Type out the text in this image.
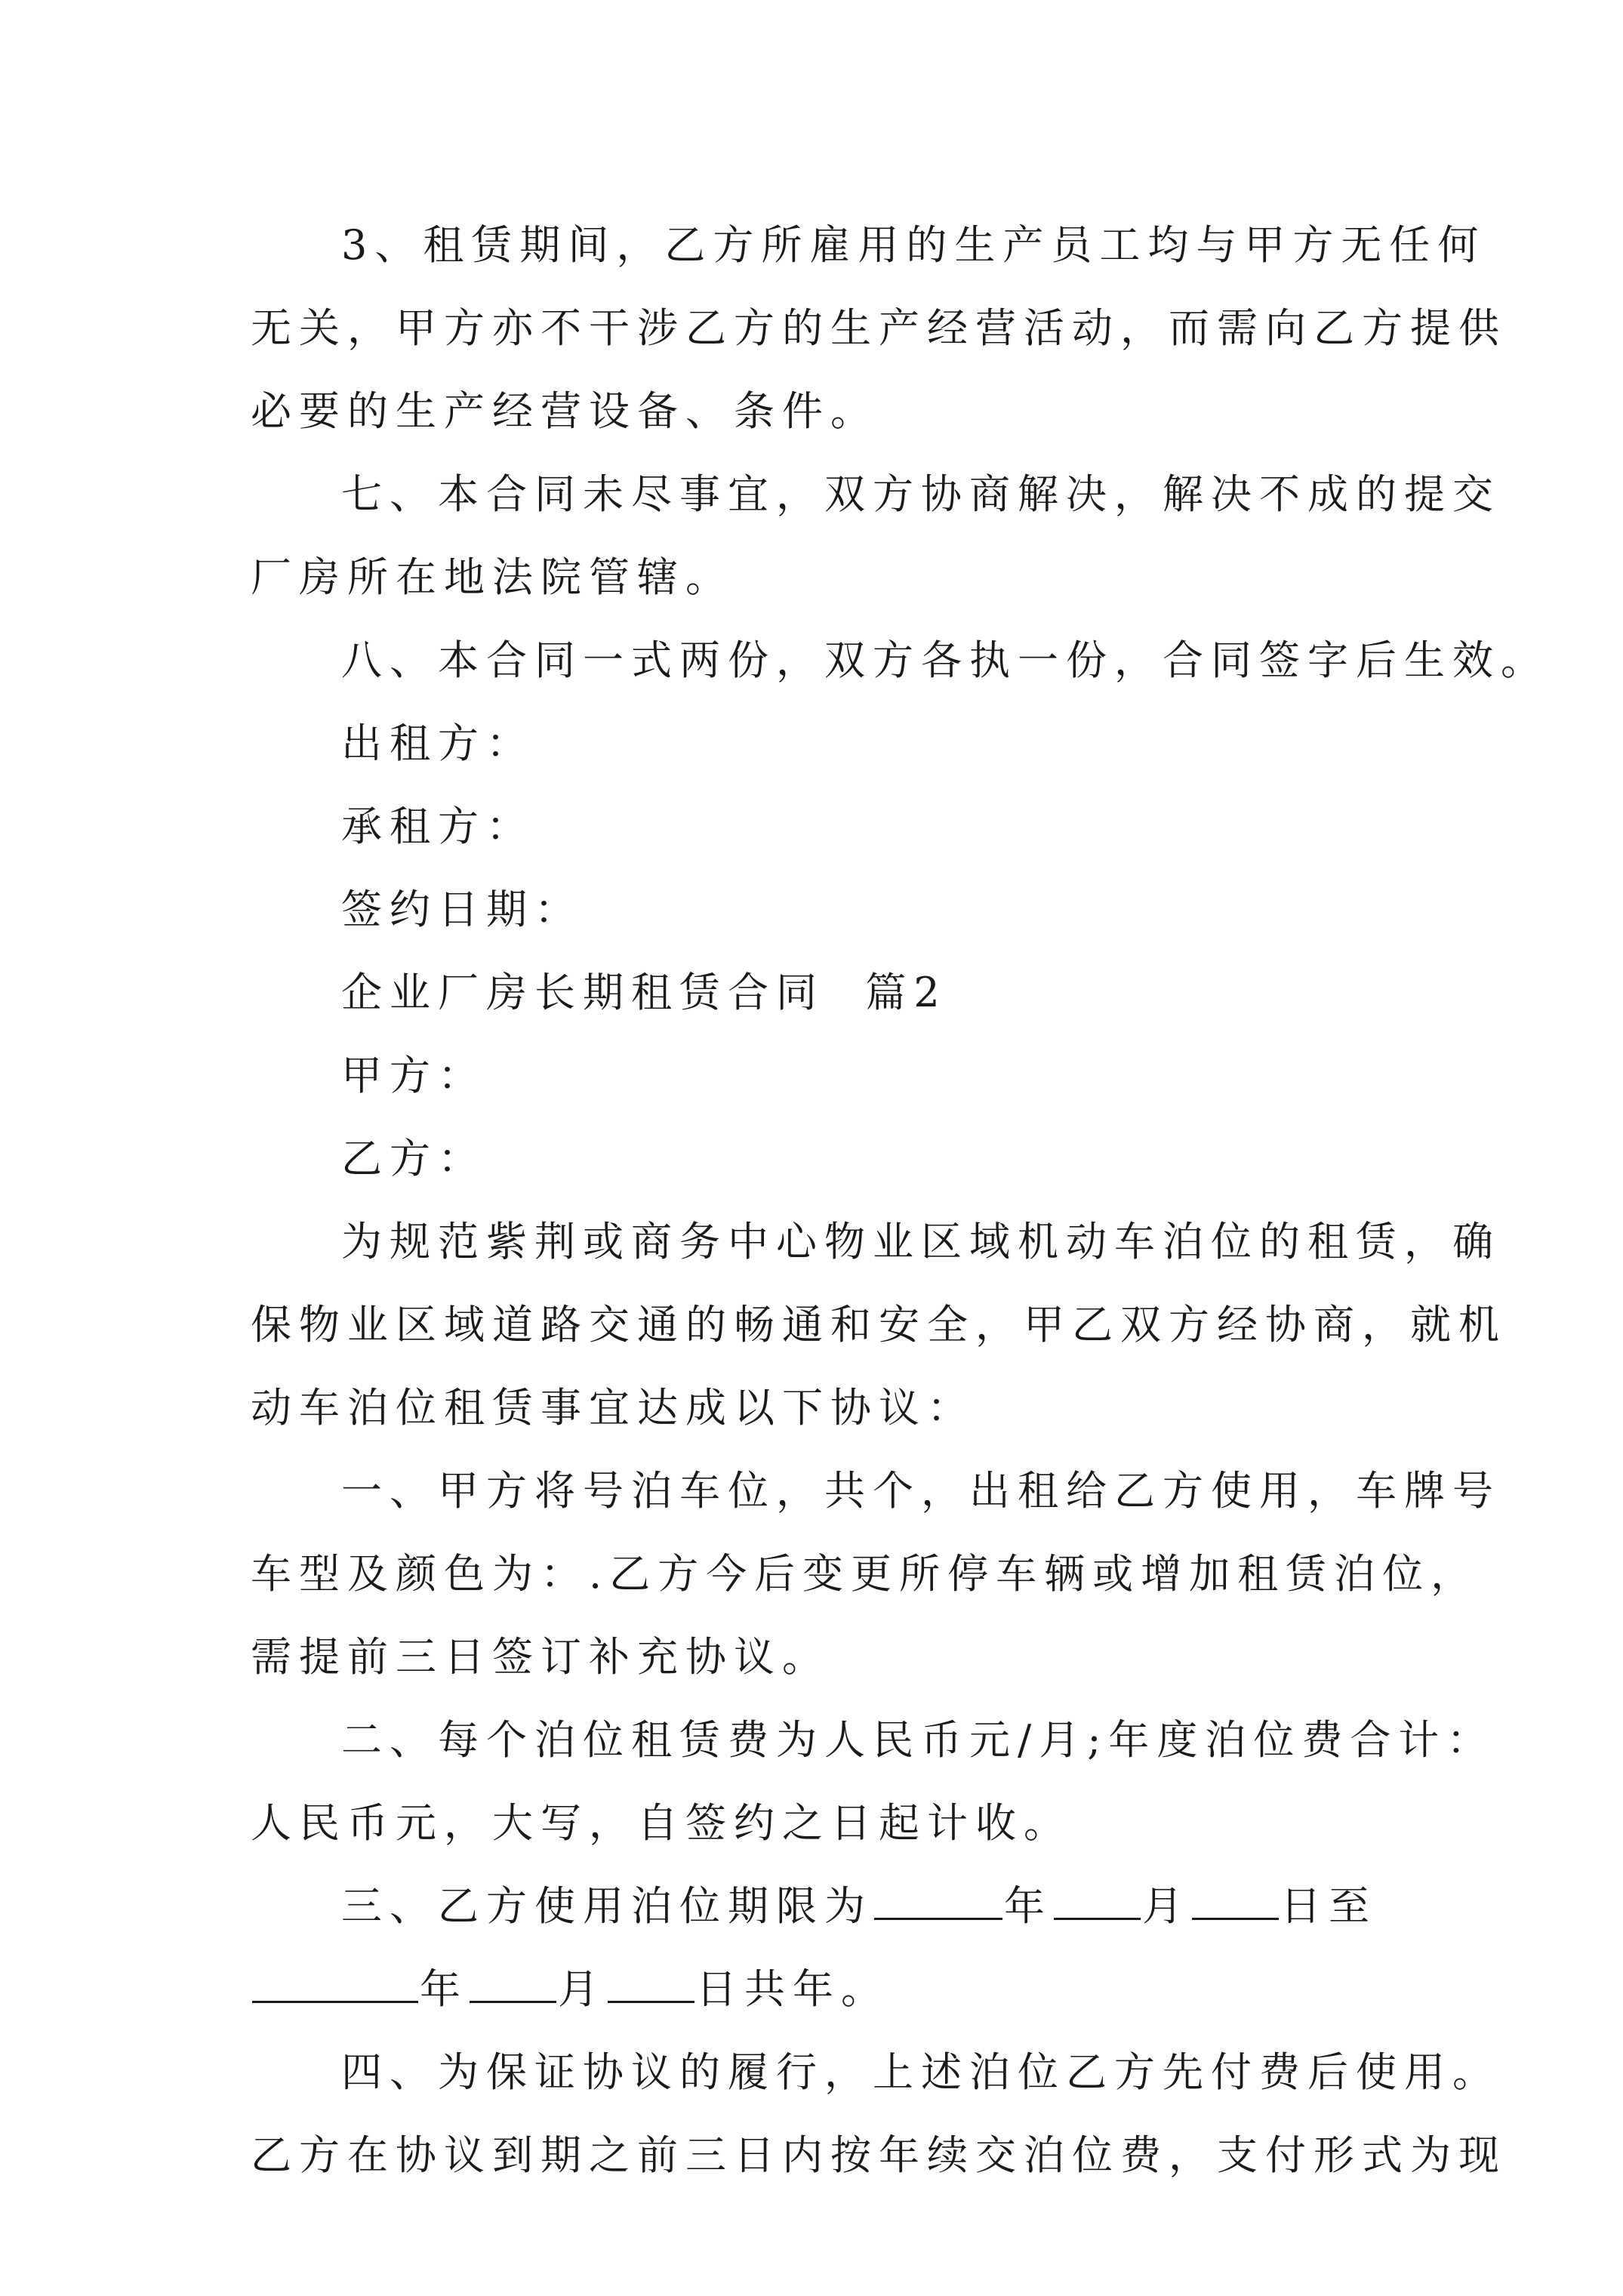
3、租赁期间，乙方所雇用的生产员工均与甲方无任何
无关，甲方亦不干涉乙方的生产经营活动，而需向乙方提供
必要的生产经营设备、条件。
七、本合同未尽事宜，双方协商解决，解决不成的提交
厂房所在地法院管辖。
八、本合同一式两份，双方各执一份，合同签字后生效。
出租方：
承租方：
签约日期：
企业厂房长期租赁合同  篇2
甲方：
乙方：
为规范紫荆或商务中心物业区域机动车泊位的租赁，确
保物业区域道路交通的畅通和安全，甲乙双方经协商，就机
动车泊位租赁事宜达成以下协议：
一、甲方将号泊车位，共个，出租给乙方使用，车牌号
车型及颜色为：.乙方今后变更所停车辆或增加租赁泊位，
需提前三日签订补充协议。
二、每个泊位租赁费为人民币元/月;年度泊位费合计：
人民币元，大写，自签约之日起计收。
三、乙方使用泊位期限为	年 月 日至
年 月 日共年。
四、为保证协议的履行，上述泊位乙方先付费后使用。
乙方在协议到期之前三日内按年续交泊位费，支付形式为现
